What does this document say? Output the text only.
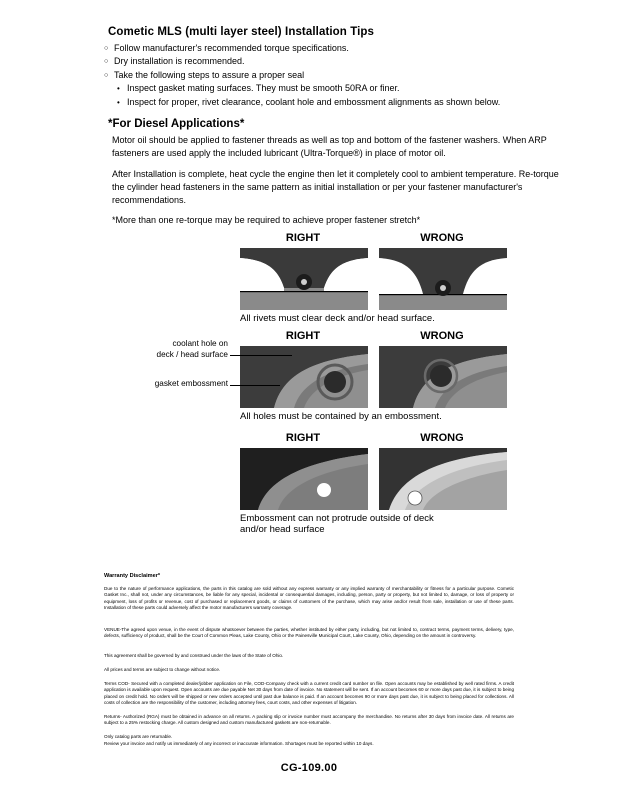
Cometic MLS (multi layer steel) Installation Tips
○ Follow manufacturer's recommended torque specifications.
○ Dry installation is recommended.
○ Take the following steps to assure a proper seal
• Inspect gasket mating surfaces. They must be smooth 50RA or finer.
• Inspect for proper, rivet clearance, coolant hole and embossment alignments as shown below.
*For Diesel Applications*
Motor oil should be applied to fastener threads as well as top and bottom of the fastener washers. When ARP fasteners are used apply the included lubricant (Ultra-Torque®) in place of motor oil.
After Installation is complete, heat cycle the engine then let it completely cool to ambient temperature. Re-torque the cylinder head fasteners in the same pattern as initial installation or per your fastener manufacturer's recommendations.
*More than one re-torque may be required to achieve proper fastener stretch*
RIGHT	WRONG
All rivets must clear deck and/or head surface.
RIGHT	WRONG
coolant hole on
deck / head surface
gasket embossment
All holes must be contained by an embossment.
RIGHT	WRONG
Embossment can not protrude outside of deck
and/or head surface
Warranty Disclaimer*
Due to the nature of performance applications, the parts in this catalog are sold without any express warranty or any implied warranty of merchantability or fitness for a particular purpose. Cometic Gasket Inc., shall not, under any circumstances, be liable for any special, incidental or consequential damages, including, person, party or property, but not limited to, damage, or loss of property or equipment, loss of profits or revenue, cost of purchased or replacement goods, or claims of customers of the purchase, which may arise and/or result from sale, installation or use of these parts. Installation of these parts could adversely affect the motor manufacturers warranty coverage.
VENUE-The agreed upon venue, in the event of dispute whatsoever between the parties, whether instituted by either party, including, but not limited to, contract terms, payment terms, delivery, type, defects, sufficiency of product, shall be the Court of Common Pleas, Lake County, Ohio or the Painesville Municipal Court, Lake County, Ohio, depending on the amount in controversy.
This agreement shall be governed by and construed under the laws of the State of Ohio.
All prices and terms are subject to change without notice.
Terms COD- Secured with a completed dealer/jobber application on File, COD-Company check with a current credit card number on file. Open accounts may be established by well rated firms. A credit application is available upon request. Open accounts are due payable Net 30 days from date of invoice. No statement will be sent. If an account becomes 60 or more days past due, it is subject to being placed on credit hold. No orders will be shipped or new orders accepted until past due balance is paid. If an account becomes 90 or more days past due, it is subject to being placed for collections. All costs of collection are the responsibility of the customer, including attorney fees, court costs, and other expenses of litigation.
Returns- Authorized (RGA) must be obtained in advance on all returns. A packing slip or invoice number must accompany the merchandise. No returns after 30 days from invoice date. All returns are subject to a 25% restocking charge. All custom designed and custom manufactured gaskets are non-returnable.
Only catalog parts are returnable.
Review your invoice and notify us immediately of any incorrect or inaccurate information. Shortages must be reported within 10 days.
CG-109.00
